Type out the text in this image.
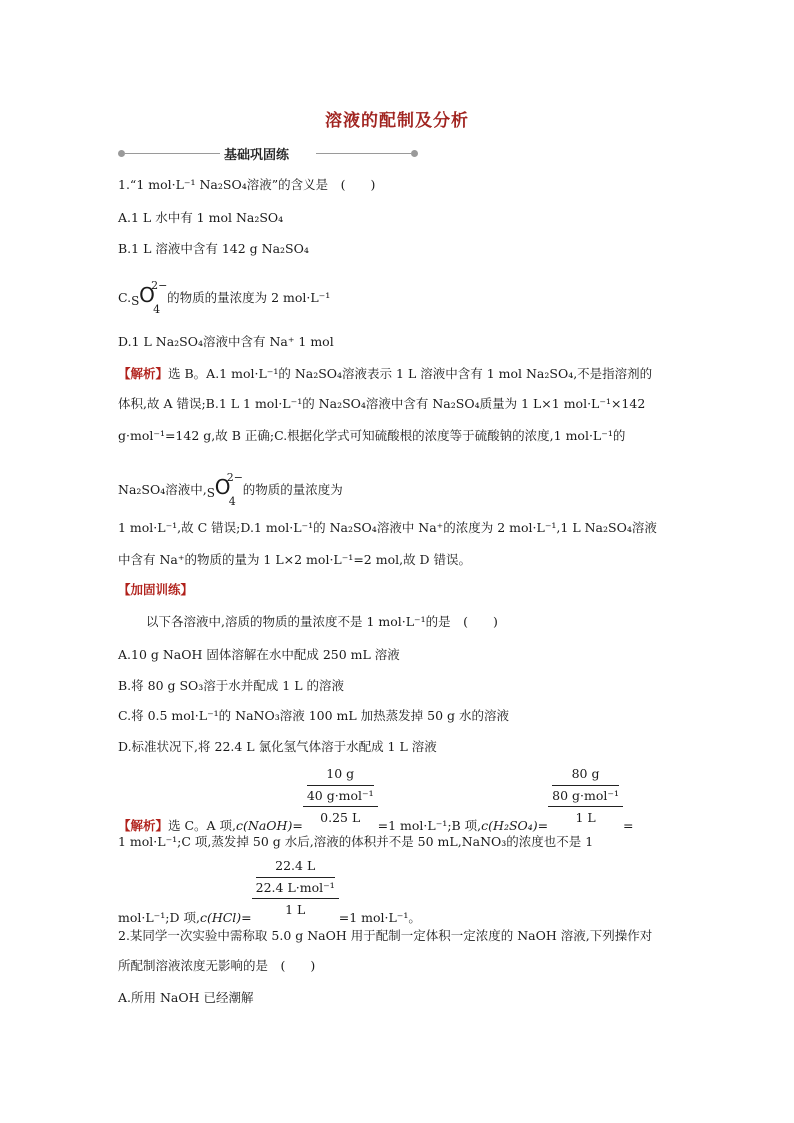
溶液的配制及分析
基础巩固练
1.“1 mol·L⁻¹ Na₂SO₄溶液”的含义是　(　　)
A.1 L 水中有 1 mol Na₂SO₄
B.1 L 溶液中含有 142 g Na₂SO₄
C. S O
2−
4
的物质的量浓度为 2 mol·L⁻¹
D.1 L Na₂SO₄溶液中含有 Na⁺ 1 mol
【解析】选 B。A.1 mol·L⁻¹的 Na₂SO₄溶液表示 1 L 溶液中含有 1 mol Na₂SO₄,不是指溶剂的
体积,故 A 错误;B.1 L 1 mol·L⁻¹的 Na₂SO₄溶液中含有 Na₂SO₄质量为 1 L×1 mol·L⁻¹×142
g·mol⁻¹=142 g,故 B 正确;C.根据化学式可知硫酸根的浓度等于硫酸钠的浓度,1 mol·L⁻¹的
Na₂SO₄溶液中, S O
2−
4
的物质的量浓度为
1 mol·L⁻¹,故 C 错误;D.1 mol·L⁻¹的 Na₂SO₄溶液中 Na⁺的浓度为 2 mol·L⁻¹,1 L Na₂SO₄溶液
中含有 Na⁺的物质的量为 1 L×2 mol·L⁻¹=2 mol,故 D 错误。
【加固训练】
以下各溶液中,溶质的物质的量浓度不是 1 mol·L⁻¹的是　(　　)
A.10 g NaOH 固体溶解在水中配成 250 mL 溶液
B.将 80 g SO₃溶于水并配成 1 L 的溶液
C.将 0.5 mol·L⁻¹的 NaNO₃溶液 100 mL 加热蒸发掉 50 g 水的溶液
D.标准状况下,将 22.4 L 氯化氢气体溶于水配成 1 L 溶液
【解析】选 C。A 项,c(NaOH)=
10 g
40 g·mol⁻¹
0.25 L	=1 mol·L⁻¹;B 项,c(H₂SO₄)=
80 g
80 g·mol⁻¹
1 L	=
1 mol·L⁻¹;C 项,蒸发掉 50 g 水后,溶液的体积并不是 50 mL,NaNO₃的浓度也不是 1
mol·L⁻¹;D 项,c(HCl)=
22.4 L
22.4 L·mol⁻¹
1 L	=1 mol·L⁻¹。
2.某同学一次实验中需称取 5.0 g NaOH 用于配制一定体积一定浓度的 NaOH 溶液,下列操作对
所配制溶液浓度无影响的是　(　　)
A.所用 NaOH 已经潮解
